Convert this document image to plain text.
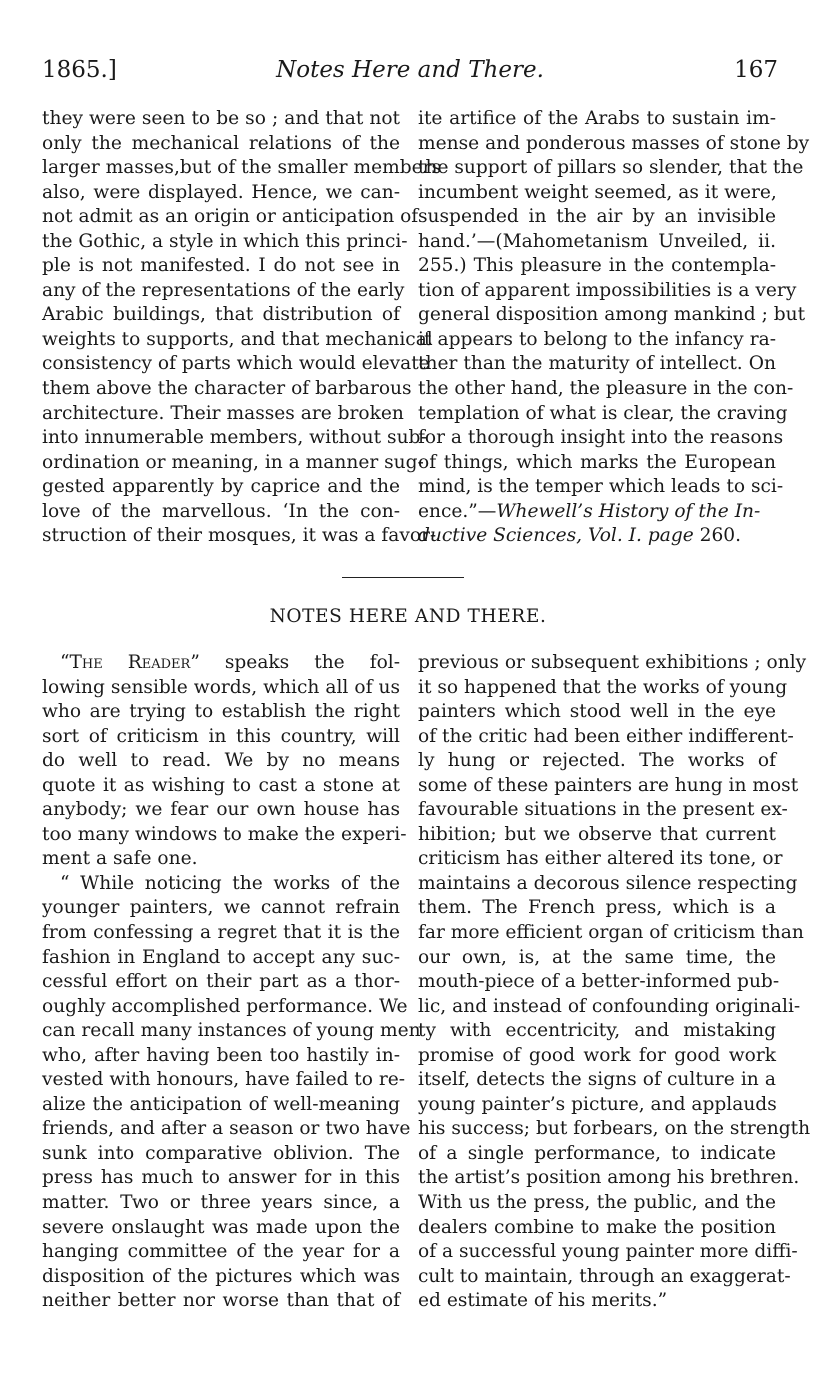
1865.]	Notes Here and There.	167
they were seen to be so ; and that not
only the mechanical relations of the
larger masses,but of the smaller members
also, were displayed. Hence, we can-
not admit as an origin or anticipation of
the Gothic, a style in which this princi-
ple is not manifested. I do not see in
any of the representations of the early
Arabic buildings, that distribution of
weights to supports, and that mechanical
consistency of parts which would elevate
them above the character of barbarous
architecture. Their masses are broken
into innumerable members, without sub-
ordination or meaning, in a manner sug-
gested apparently by caprice and the
love of the marvellous. ‘In the con-
struction of their mosques, it was a favor-
ite artifice of the Arabs to sustain im-
mense and ponderous masses of stone by
the support of pillars so slender, that the
incumbent weight seemed, as it were,
suspended in the air by an invisible
hand.’—(Mahometanism Unveiled, ii.
255.) This pleasure in the contempla-
tion of apparent impossibilities is a very
general disposition among mankind ; but
it appears to belong to the infancy ra-
ther than the maturity of intellect. On
the other hand, the pleasure in the con-
templation of what is clear, the craving
for a thorough insight into the reasons
of things, which marks the European
mind, is the temper which leads to sci-
ence.”—Whewell’s History of the In-
ductive Sciences, Vol. I. page 260.
NOTES HERE AND THERE.
“The Reader” speaks the fol-
lowing sensible words, which all of us
who are trying to establish the right
sort of criticism in this country, will
do well to read. We by no means
quote it as wishing to cast a stone at
anybody; we fear our own house has
too many windows to make the experi-
ment a safe one.
“ While noticing the works of the
younger painters, we cannot refrain
from confessing a regret that it is the
fashion in England to accept any suc-
cessful effort on their part as a thor-
oughly accomplished performance. We
can recall many instances of young men
who, after having been too hastily in-
vested with honours, have failed to re-
alize the anticipation of well-meaning
friends, and after a season or two have
sunk into comparative oblivion. The
press has much to answer for in this
matter. Two or three years since, a
severe onslaught was made upon the
hanging committee of the year for a
disposition of the pictures which was
neither better nor worse than that of
previous or subsequent exhibitions ; only
it so happened that the works of young
painters which stood well in the eye
of the critic had been either indifferent-
ly hung or rejected. The works of
some of these painters are hung in most
favourable situations in the present ex-
hibition; but we observe that current
criticism has either altered its tone, or
maintains a decorous silence respecting
them. The French press, which is a
far more efficient organ of criticism than
our own, is, at the same time, the
mouth-piece of a better-informed pub-
lic, and instead of confounding originali-
ty with eccentricity, and mistaking
promise of good work for good work
itself, detects the signs of culture in a
young painter’s picture, and applauds
his success; but forbears, on the strength
of a single performance, to indicate
the artist’s position among his brethren.
With us the press, the public, and the
dealers combine to make the position
of a successful young painter more diffi-
cult to maintain, through an exaggerat-
ed estimate of his merits.”
